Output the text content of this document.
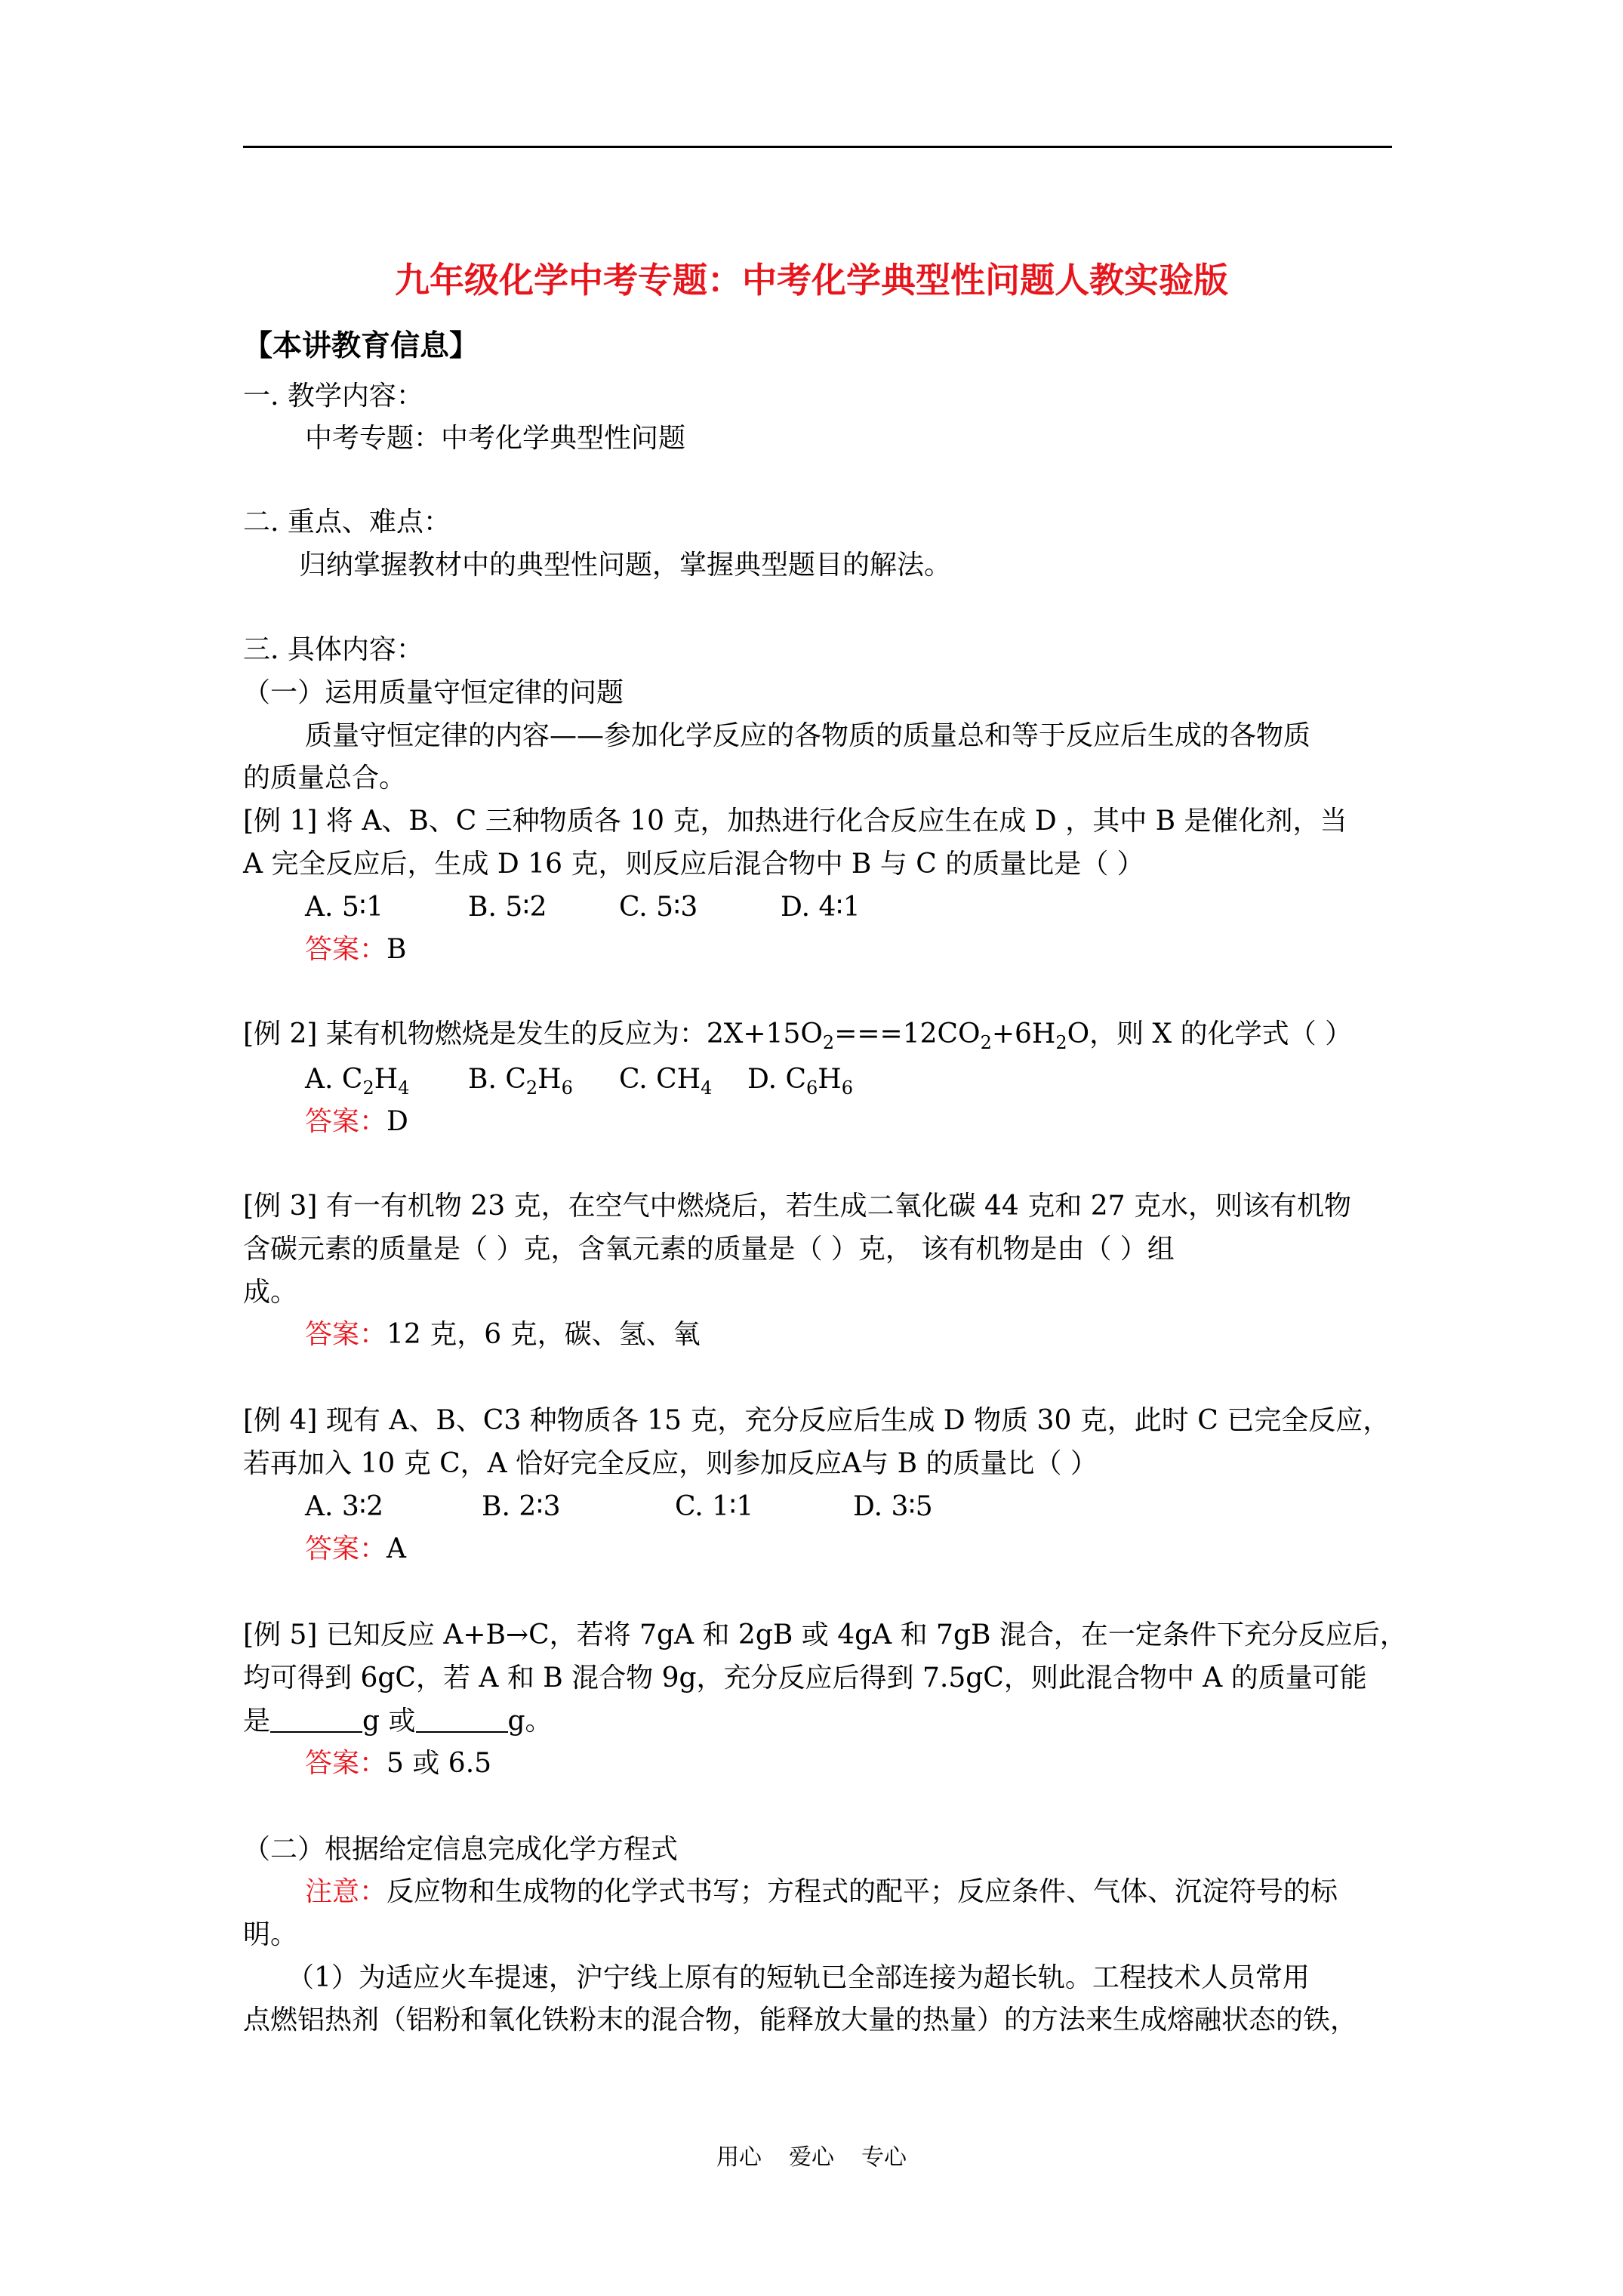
九年级化学中考专题：中考化学典型性问题人教实验版
【本讲教育信息】
一. 教学内容：
中考专题：中考化学典型性问题
二. 重点、难点：
归纳掌握教材中的典型性问题，掌握典型题目的解法。
三. 具体内容：
（一）运用质量守恒定律的问题
质量守恒定律的内容——参加化学反应的各物质的质量总和等于反应后生成的各物质
的质量总合。
[例 1] 将 A、B、C 三种物质各 10 克，加热进行化合反应生在成 D ，其中 B 是催化剂，当
A 完全反应后，生成 D 16 克，则反应后混合物中 B 与 C 的质量比是（ ）
A. 5∶1	B. 5∶2	C. 5∶3	D. 4∶1
答案：B
[例 2] 某有机物燃烧是发生的反应为：$2X+15O_2===12CO_2+6H_2O$，则 X 的化学式（ ）
A. $C_2H_4$ B. $C_2H_6$ C. $CH_4$ D. $C_6H_6$
答案：D
[例 3] 有一有机物 23 克，在空气中燃烧后，若生成二氧化碳 44 克和 27 克水，则该有机物
含碳元素的质量是（ ）克，含氧元素的质量是（ ）克， 该有机物是由（ ）组
成。
答案：12 克，6 克，碳、氢、氧
[例 4] 现有 A、B、C3 种物质各 15 克，充分反应后生成 D 物质 30 克，此时 C 已完全反应，
若再加入 10 克 C，A 恰好完全反应，则参加反应A与 B 的质量比（ ）
A. 3∶2	B. 2∶3	C. 1∶1	D. 3∶5
答案：A
[例 5] 已知反应 A+B→C，若将 7gA 和 2gB 或 4gA 和 7gB 混合，在一定条件下充分反应后，
均可得到 6gC，若 A 和 B 混合物 9g，充分反应后得到 7.5gC，则此混合物中 A 的质量可能
是	g 或	g。
答案：5 或 6.5
（二）根据给定信息完成化学方程式
注意：反应物和生成物的化学式书写；方程式的配平；反应条件、气体、沉淀符号的标
明。
（1）为适应火车提速，沪宁线上原有的短轨已全部连接为超长轨。工程技术人员常用
点燃铝热剂（铝粉和氧化铁粉末的混合物，能释放大量的热量）的方法来生成熔融状态的铁，
用心 爱心 专心
